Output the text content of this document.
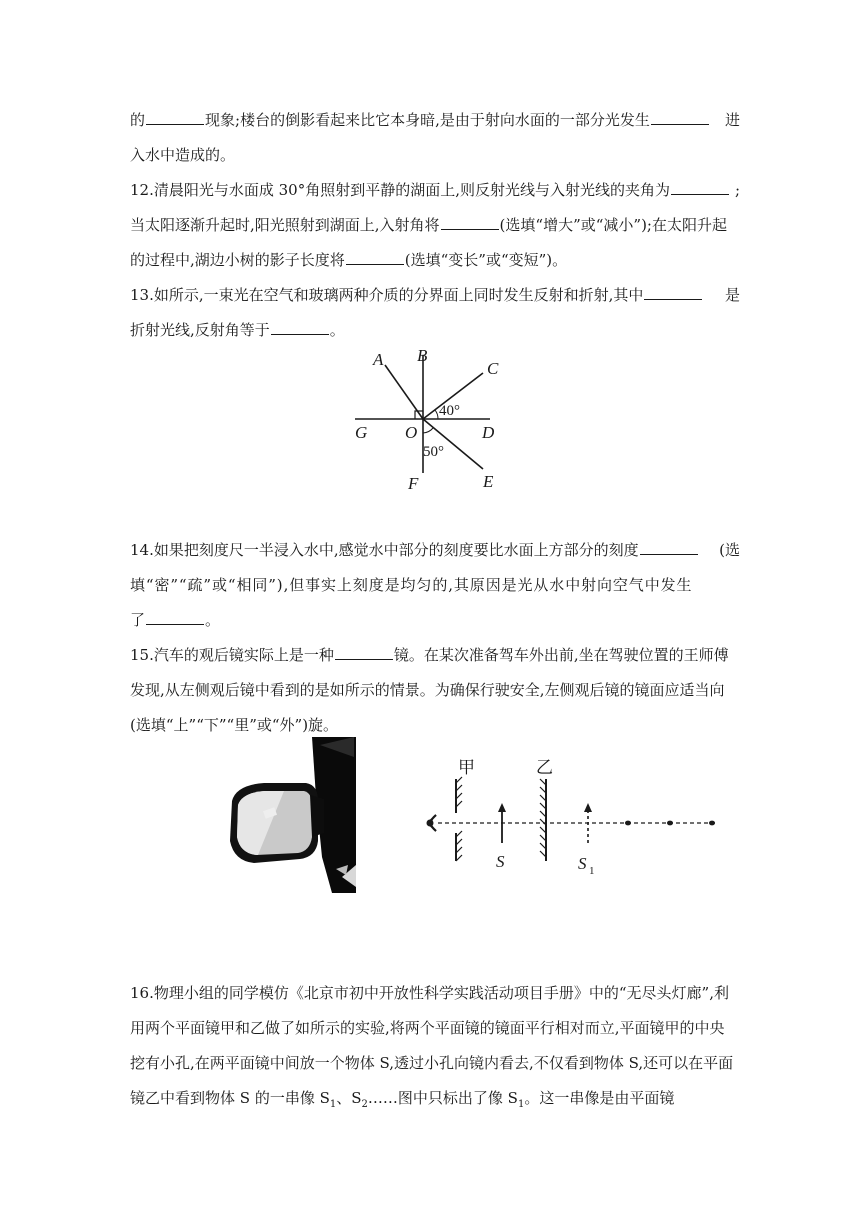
的	现象;楼台的倒影看起来比它本身暗,是由于射向水面的一部分光发生	进
入水中造成的。
12.清晨阳光与水面成 30°角照射到平静的湖面上,则反射光线与入射光线的夹角为	;
当太阳逐渐升起时,阳光照射到湖面上,入射角将	(选填“增大”或“减小”);在太阳升起
的过程中,湖边小树的影子长度将	(选填“变长”或“变短”)。
13.如所示,一束光在空气和玻璃两种介质的分界面上同时发生反射和折射,其中	是
折射光线,反射角等于	。
A B
C
G O	D
F	E
40°
50°
14.如果把刻度尺一半浸入水中,感觉水中部分的刻度要比水面上方部分的刻度	(选
填“密”“疏”或“相同”),但事实上刻度是均匀的,其原因是光从水中射向空气中发生
了	。
15.汽车的观后镜实际上是一种	镜。在某次准备驾车外出前,坐在驾驶位置的王师傅
发现,从左侧观后镜中看到的是如所示的情景。为确保行驶安全,左侧观后镜的镜面应适当向
(选填“上”“下”“里”或“外”)旋。
甲	乙
S	S 1
16.物理小组的同学模仿《北京市初中开放性科学实践活动项目手册》中的“无尽头灯廊”,利
用两个平面镜甲和乙做了如所示的实验,将两个平面镜的镜面平行相对而立,平面镜甲的中央
挖有小孔,在两平面镜中间放一个物体 S,透过小孔向镜内看去,不仅看到物体 S,还可以在平面
镜乙中看到物体 S 的一串像 $S_1$、$S_2\dots\dots$图中只标出了像 $S_1$。这一串像是由平面镜
